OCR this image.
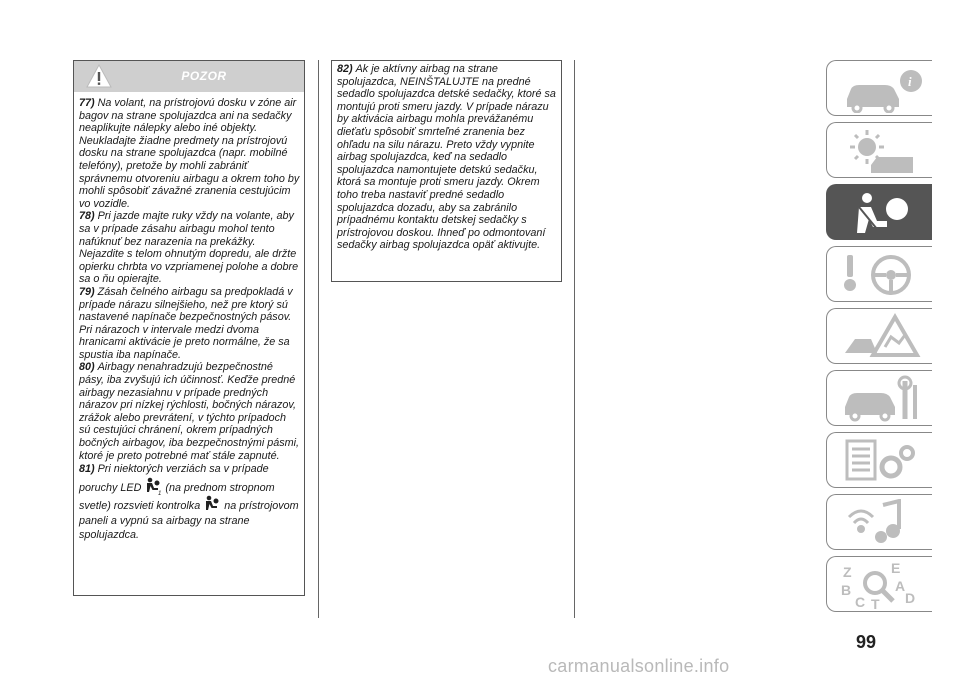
POZOR

77) Na volant, na prístrojovú dosku v zóne air bagov na strane spolujazdca ani na sedačky neaplikujte nálepky alebo iné objekty. Neukladajte žiadne predmety na prístrojovú dosku na strane spolujazdca (napr. mobilné telefóny), pretože by mohli zabrániť správnemu otvoreniu airbagu a okrem toho by mohli spôsobiť závažné zranenia cestujúcim vo vozidle.

78) Pri jazde majte ruky vždy na volante, aby sa v prípade zásahu airbagu mohol tento nafúknuť bez narazenia na prekážky. Nejazdite s telom ohnutým dopredu, ale držte opierku chrbta vo vzpriamenej polohe a dobre sa o ňu opierajte.

79) Zásah čelného airbagu sa predpokladá v prípade nárazu silnejšieho, než pre ktorý sú nastavené napínače bezpečnostných pásov. Pri nárazoch v intervale medzi dvoma hranicami aktivácie je preto normálne, že sa spustia iba napínače.

80) Airbagy nenahradzujú bezpečnostné pásy, iba zvyšujú ich účinnosť. Keďže predné airbagy nezasiahnu v prípade predných nárazov pri nízkej rýchlosti, bočných nárazov, zrážok alebo prevrátení, v týchto prípadoch sú cestujúci chránení, okrem prípadných bočných airbagov, iba bezpečnostnými pásmi, ktoré je preto potrebné mať stále zapnuté.

81) Pri niektorých verziách sa v prípade poruchy LED	1 (na prednom stropnom svetle) rozsvieti kontrolka na prístrojovom paneli a vypnú sa airbagy na strane spolujazdca.

82) Ak je aktívny airbag na strane spolujazdca, NEINŠTALUJTE na predné sedadlo spolujazdca detské sedačky, ktoré sa montujú proti smeru jazdy. V prípade nárazu by aktivácia airbagu mohla prevážanému dieťaťu spôsobiť smrteľné zranenia bez ohľadu na silu nárazu. Preto vždy vypnite airbag spolujazdca, keď na sedadlo spolujazdca namontujete detskú sedačku, ktorá sa montuje proti smeru jazdy. Okrem toho treba nastaviť predné sedadlo spolujazdca dozadu, aby sa zabránilo prípadnému kontaktu detskej sedačky s prístrojovou doskou. Ihneď po odmontovaní sedačky airbag spolujazdca opäť aktivujte.

i
Z	E
B	A
C T D
99
carmanualsonline.info
